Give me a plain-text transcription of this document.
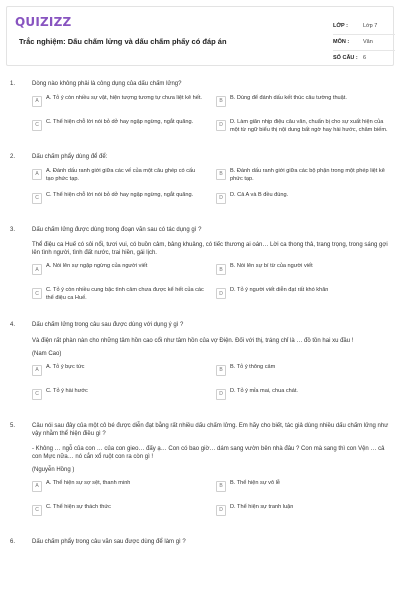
QUIZIZZ
Trắc nghiệm: Dấu chấm lửng và dấu chấm phẩy có đáp án
LỚP :	Lớp 7
MÔN :	Văn
SỐ CÂU : 6
1.	Dòng nào không phải là công dụng của dấu chấm lửng?
A
A. Tỏ ý còn nhiều sự vật, hiện tượng tương tự chưa liệt kê hết.
B
B. Dùng để đánh dấu kết thúc câu tường thuật.
C
C. Thể hiện chỗ lời nói bỏ dở hay ngập ngừng, ngắt quãng.
D
D. Làm giãn nhịp điệu câu văn, chuẩn bị cho sự xuất hiện của một từ ngữ biểu thị nội dung bất ngờ hay hài hước, châm biếm.
2.	Dấu chấm phẩy dùng để để:
A
A. Đánh dấu ranh giới giữa các vế của một câu ghép có cấu tạo phức tạp.
B
B. Đánh dấu ranh giới giữa các bộ phận trong một phép liệt kê phức tạp.
C
C. Thể hiện chỗ lời nói bỏ dở hay ngập ngừng, ngắt quãng.
D
D. Cả A và B đều đúng.
3.	Dấu chấm lửng được dùng trong đoạn văn sau có tác dụng gì ?

Thể điệu ca Huế có sôi nổi, tươi vui, có buồn cảm, bâng khuâng, có tiếc thương ai oán… Lời ca thong thả, trang trọng, trong sáng gợi lên tình người, tình đất nước, trai hiền, gái lịch.

A
A. Nói lên sự ngập ngừng của người viết
B
B. Nói lên sự bí từ của người viết
C
C. Tỏ ý còn nhiều cung bậc tình cảm chưa được kể hết của các thể điệu ca Huế.
D
D. Tỏ ý người viết diễn đạt rất khó khăn
4.	Dấu chấm lửng trong câu sau được dùng với dụng ý gì ?

Và điện rất phàn nàn cho những tâm hồn cao cổi như tâm hồn của vợ Điện. Đối với thị, tráng chỉ là … đồ tồn hai xu đầu !

(Nam Cao)

A
A. Tỏ ý bực tức
B
B. Tỏ ý thông cảm
C
C. Tỏ ý hài hước
D
D. Tỏ ý mỉa mai, chua chát.
5.	Câu nói sau đây của một cô bé được diễn đạt bằng rất nhiều dấu chấm lửng. Em hãy cho biết, tác giả dùng nhiều dấu chấm lửng như vậy nhằm thể hiện điều gì ?

- Không … ngỗ của con … của con gieo… đấy ạ… Con có bao giờ… dám sang vườn bên nhà đâu ? Con mà sang thì con Vện … cả con Mực nữa… nó cắn xổ ruột con ra còn gì !

(Nguyễn Hồng )

A
A. Thể hiện sự sợ sệt, thanh minh
B
B. Thể hiện sự vô lễ
C
C. Thể hiện sự thách thức
D
D. Thể hiện sự tranh luận
6.	Dấu chấm phẩy trong câu văn sau được dùng để làm gì ?
